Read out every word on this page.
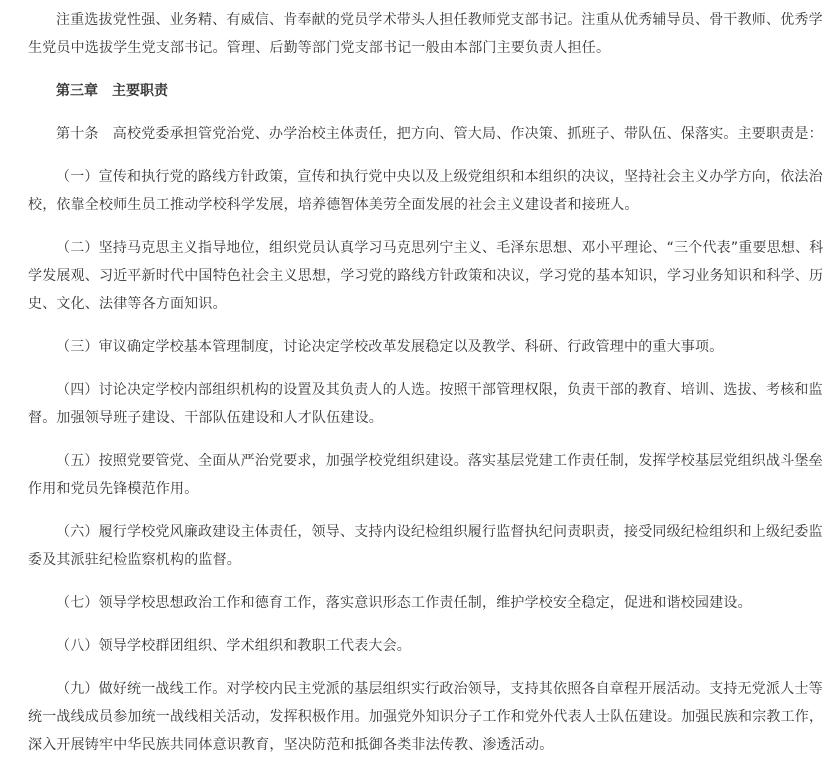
注重选拔党性强、业务精、有威信、肯奉献的党员学术带头人担任教师党支部书记。注重从优秀辅导员、骨干教师、优秀学生党员中选拔学生党支部书记。管理、后勤等部门党支部书记一般由本部门主要负责人担任。

第三章 主要职责

第十条　高校党委承担管党治党、办学治校主体责任，把方向、管大局、作决策、抓班子、带队伍、保落实。主要职责是：

（一）宣传和执行党的路线方针政策，宣传和执行党中央以及上级党组织和本组织的决议，坚持社会主义办学方向，依法治校，依靠全校师生员工推动学校科学发展，培养德智体美劳全面发展的社会主义建设者和接班人。

（二）坚持马克思主义指导地位，组织党员认真学习马克思列宁主义、毛泽东思想、邓小平理论、“三个代表”重要思想、科学发展观、习近平新时代中国特色社会主义思想，学习党的路线方针政策和决议，学习党的基本知识，学习业务知识和科学、历史、文化、法律等各方面知识。

（三）审议确定学校基本管理制度，讨论决定学校改革发展稳定以及教学、科研、行政管理中的重大事项。

（四）讨论决定学校内部组织机构的设置及其负责人的人选。按照干部管理权限，负责干部的教育、培训、选拔、考核和监督。加强领导班子建设、干部队伍建设和人才队伍建设。

（五）按照党要管党、全面从严治党要求，加强学校党组织建设。落实基层党建工作责任制，发挥学校基层党组织战斗堡垒作用和党员先锋模范作用。

（六）履行学校党风廉政建设主体责任，领导、支持内设纪检组织履行监督执纪问责职责，接受同级纪检组织和上级纪委监委及其派驻纪检监察机构的监督。

（七）领导学校思想政治工作和德育工作，落实意识形态工作责任制，维护学校安全稳定，促进和谐校园建设。

（八）领导学校群团组织、学术组织和教职工代表大会。

（九）做好统一战线工作。对学校内民主党派的基层组织实行政治领导，支持其依照各自章程开展活动。支持无党派人士等统一战线成员参加统一战线相关活动，发挥积极作用。加强党外知识分子工作和党外代表人士队伍建设。加强民族和宗教工作，深入开展铸牢中华民族共同体意识教育，坚决防范和抵御各类非法传教、渗透活动。
